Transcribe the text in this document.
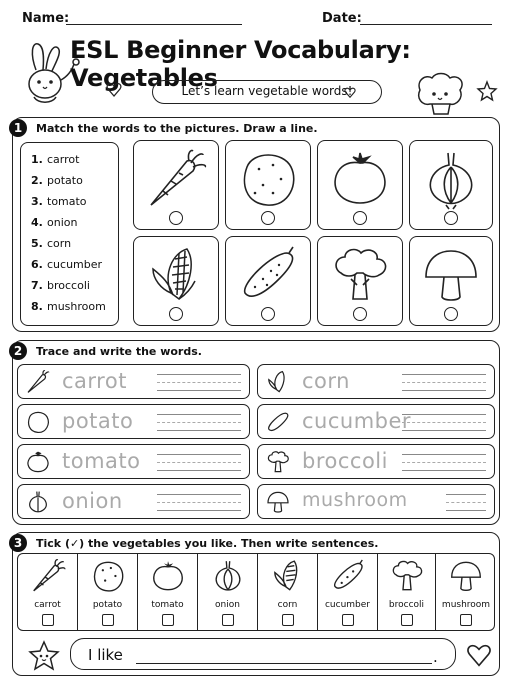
Name:	Date:
ESL Beginner Vocabulary: Vegetables
Let’s learn vegetable words!
1	Match the words to the pictures. Draw a line.
1. carrot
2. potato
3. tomato
4. onion
5. corn
6. cucumber
7. broccoli
8. mushroom
2	Trace and write the words.
carrot
potato
tomato
onion
corn
cucumber
broccoli
mushroom
3	Tick (✓) the vegetables you like. Then write sentences.
carrot	potato	tomato	onion	corn	cucumber	broccoli	mushroom
I like	.
